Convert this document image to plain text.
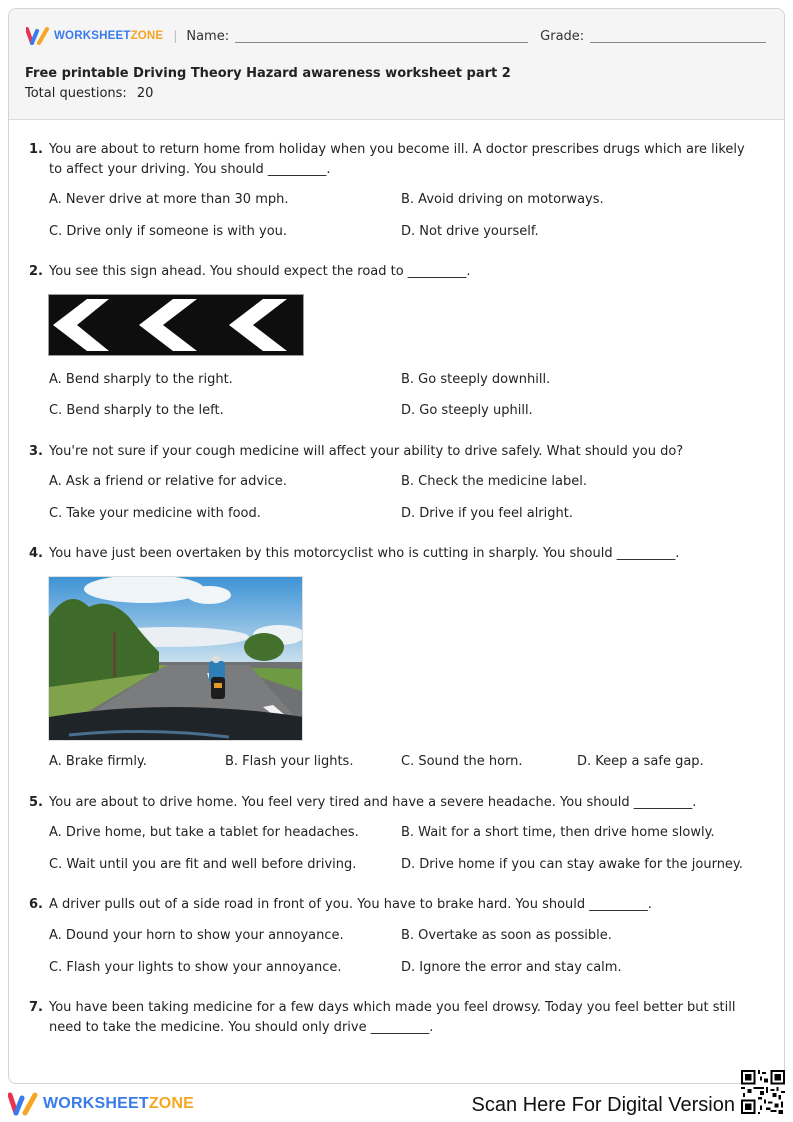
WORKSHEETZONE | Name:	Grade:
Free printable Driving Theory Hazard awareness worksheet part 2
Total questions: 20
1. You are about to return home from holiday when you become ill. A doctor prescribes drugs which are likely to affect your driving. You should _________.
A. Never drive at more than 30 mph.	B. Avoid driving on motorways.
C. Drive only if someone is with you.	D. Not drive yourself.
2. You see this sign ahead. You should expect the road to _________.
A. Bend sharply to the right.	B. Go steeply downhill.
C. Bend sharply to the left.	D. Go steeply uphill.
3. You're not sure if your cough medicine will affect your ability to drive safely. What should you do?
A. Ask a friend or relative for advice.	B. Check the medicine label.
C. Take your medicine with food.	D. Drive if you feel alright.
4. You have just been overtaken by this motorcyclist who is cutting in sharply. You should _________.
A. Brake firmly.	B. Flash your lights.	C. Sound the horn.	D. Keep a safe gap.
5. You are about to drive home. You feel very tired and have a severe headache. You should _________.
A. Drive home, but take a tablet for headaches.	B. Wait for a short time, then drive home slowly.
C. Wait until you are fit and well before driving.	D. Drive home if you can stay awake for the journey.
6. A driver pulls out of a side road in front of you. You have to brake hard. You should _________.
A. Dound your horn to show your annoyance.	B. Overtake as soon as possible.
C. Flash your lights to show your annoyance.	D. Ignore the error and stay calm.
7. You have been taking medicine for a few days which made you feel drowsy. Today you feel better but still need to take the medicine. You should only drive _________.
WORKSHEETZONE	Scan Here For Digital Version
